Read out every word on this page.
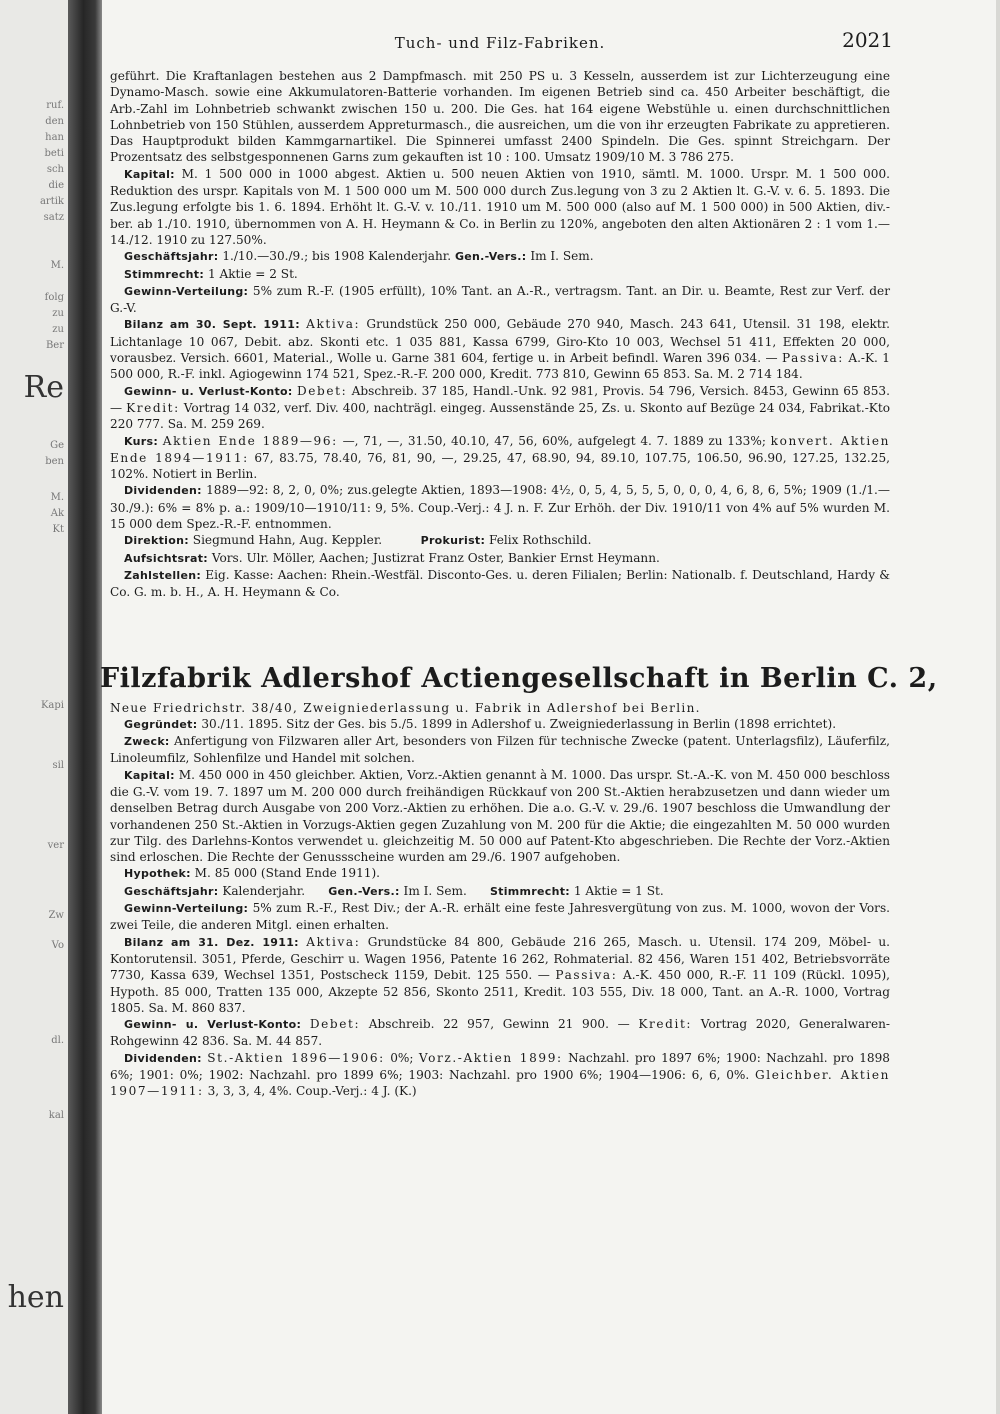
ruf.
den
han
beti
sch
die
artik
satz
M.
folg
zu
zu
Ber
Re
Ge
ben
M.
Ak
Kt
Kapi
sil
ver
Zw
Vo
dl.
kal
hen
Tuch- und Filz-Fabriken.	2021

geführt. Die Kraftanlagen bestehen aus 2 Dampfmasch. mit 250 PS u. 3 Kesseln, ausserdem ist zur Lichterzeugung eine Dynamo-Masch. sowie eine Akkumulatoren-Batterie vorhanden. Im eigenen Betrieb sind ca. 450 Arbeiter beschäftigt, die Arb.-Zahl im Lohnbetrieb schwankt zwischen 150 u. 200. Die Ges. hat 164 eigene Webstühle u. einen durchschnittlichen Lohnbetrieb von 150 Stühlen, ausserdem Appreturmasch., die ausreichen, um die von ihr erzeugten Fabrikate zu appretieren. Das Hauptprodukt bilden Kammgarnartikel. Die Spinnerei umfasst 2400 Spindeln. Die Ges. spinnt Streichgarn. Der Prozentsatz des selbstgesponnenen Garns zum gekauften ist 10 : 100. Umsatz 1909/10 M. 3 786 275.

Kapital: M. 1 500 000 in 1000 abgest. Aktien u. 500 neuen Aktien von 1910, sämtl. M. 1000. Urspr. M. 1 500 000. Reduktion des urspr. Kapitals von M. 1 500 000 um M. 500 000 durch Zus.legung von 3 zu 2 Aktien lt. G.-V. v. 6. 5. 1893. Die Zus.legung erfolgte bis 1. 6. 1894. Erhöht lt. G.-V. v. 10./11. 1910 um M. 500 000 (also auf M. 1 500 000) in 500 Aktien, div.-ber. ab 1./10. 1910, übernommen von A. H. Heymann & Co. in Berlin zu 120%, angeboten den alten Aktionären 2 : 1 vom 1.—14./12. 1910 zu 127.50%.

Geschäftsjahr: 1./10.—30./9.; bis 1908 Kalenderjahr. Gen.-Vers.: Im I. Sem.

Stimmrecht: 1 Aktie = 2 St.

Gewinn-Verteilung: 5% zum R.-F. (1905 erfüllt), 10% Tant. an A.-R., vertragsm. Tant. an Dir. u. Beamte, Rest zur Verf. der G.-V.

Bilanz am 30. Sept. 1911: Aktiva: Grundstück 250 000, Gebäude 270 940, Masch. 243 641, Utensil. 31 198, elektr. Lichtanlage 10 067, Debit. abz. Skonti etc. 1 035 881, Kassa 6799, Giro-Kto 10 003, Wechsel 51 411, Effekten 20 000, vorausbez. Versich. 6601, Material., Wolle u. Garne 381 604, fertige u. in Arbeit befindl. Waren 396 034. — Passiva: A.-K. 1 500 000, R.-F. inkl. Agiogewinn 174 521, Spez.-R.-F. 200 000, Kredit. 773 810, Gewinn 65 853. Sa. M. 2 714 184.

Gewinn- u. Verlust-Konto: Debet: Abschreib. 37 185, Handl.-Unk. 92 981, Provis. 54 796, Versich. 8453, Gewinn 65 853. — Kredit: Vortrag 14 032, verf. Div. 400, nachträgl. eingeg. Aussenstände 25, Zs. u. Skonto auf Bezüge 24 034, Fabrikat.-Kto 220 777. Sa. M. 259 269.

Kurs: Aktien Ende 1889—96: —, 71, —, 31.50, 40.10, 47, 56, 60%, aufgelegt 4. 7. 1889 zu 133%; konvert. Aktien Ende 1894—1911: 67, 83.75, 78.40, 76, 81, 90, —, 29.25, 47, 68.90, 94, 89.10, 107.75, 106.50, 96.90, 127.25, 132.25, 102%. Notiert in Berlin.

Dividenden: 1889—92: 8, 2, 0, 0%; zus.gelegte Aktien, 1893—1908: 4½, 0, 5, 4, 5, 5, 5, 0, 0, 0, 4, 6, 8, 6, 5%; 1909 (1./1.—30./9.): 6% = 8% p. a.: 1909/10—1910/11: 9, 5%. Coup.-Verj.: 4 J. n. F. Zur Erhöh. der Div. 1910/11 von 4% auf 5% wurden M. 15 000 dem Spez.-R.-F. entnommen.

Direktion: Siegmund Hahn, Aug. Keppler.	Prokurist: Felix Rothschild.

Aufsichtsrat: Vors. Ulr. Möller, Aachen; Justizrat Franz Oster, Bankier Ernst Heymann.

Zahlstellen: Eig. Kasse: Aachen: Rhein.-Westfäl. Disconto-Ges. u. deren Filialen; Berlin: Nationalb. f. Deutschland, Hardy & Co. G. m. b. H., A. H. Heymann & Co.

Filzfabrik Adlershof Actiengesellschaft in Berlin C. 2,

Neue Friedrichstr. 38/40, Zweigniederlassung u. Fabrik in Adlershof bei Berlin.

Gegründet: 30./11. 1895. Sitz der Ges. bis 5./5. 1899 in Adlershof u. Zweigniederlassung in Berlin (1898 errichtet).

Zweck: Anfertigung von Filzwaren aller Art, besonders von Filzen für technische Zwecke (patent. Unterlagsfilz), Läuferfilz, Linoleumfilz, Sohlenfilze und Handel mit solchen.

Kapital: M. 450 000 in 450 gleichber. Aktien, Vorz.-Aktien genannt à M. 1000. Das urspr. St.-A.-K. von M. 450 000 beschloss die G.-V. vom 19. 7. 1897 um M. 200 000 durch freihändigen Rückkauf von 200 St.-Aktien herabzusetzen und dann wieder um denselben Betrag durch Ausgabe von 200 Vorz.-Aktien zu erhöhen. Die a.o. G.-V. v. 29./6. 1907 beschloss die Umwandlung der vorhandenen 250 St.-Aktien in Vorzugs-Aktien gegen Zuzahlung von M. 200 für die Aktie; die eingezahlten M. 50 000 wurden zur Tilg. des Darlehns-Kontos verwendet u. gleichzeitig M. 50 000 auf Patent-Kto abgeschrieben. Die Rechte der Vorz.-Aktien sind erloschen. Die Rechte der Genussscheine wurden am 29./6. 1907 aufgehoben.

Hypothek: M. 85 000 (Stand Ende 1911).

Geschäftsjahr: Kalenderjahr. Gen.-Vers.: Im I. Sem. Stimmrecht: 1 Aktie = 1 St.

Gewinn-Verteilung: 5% zum R.-F., Rest Div.; der A.-R. erhält eine feste Jahresvergütung von zus. M. 1000, wovon der Vors. zwei Teile, die anderen Mitgl. einen erhalten.

Bilanz am 31. Dez. 1911: Aktiva: Grundstücke 84 800, Gebäude 216 265, Masch. u. Utensil. 174 209, Möbel- u. Kontorutensil. 3051, Pferde, Geschirr u. Wagen 1956, Patente 16 262, Rohmaterial. 82 456, Waren 151 402, Betriebsvorräte 7730, Kassa 639, Wechsel 1351, Postscheck 1159, Debit. 125 550. — Passiva: A.-K. 450 000, R.-F. 11 109 (Rückl. 1095), Hypoth. 85 000, Tratten 135 000, Akzepte 52 856, Skonto 2511, Kredit. 103 555, Div. 18 000, Tant. an A.-R. 1000, Vortrag 1805. Sa. M. 860 837.

Gewinn- u. Verlust-Konto: Debet: Abschreib. 22 957, Gewinn 21 900. — Kredit: Vortrag 2020, Generalwaren-Rohgewinn 42 836. Sa. M. 44 857.

Dividenden: St.-Aktien 1896—1906: 0%; Vorz.-Aktien 1899: Nachzahl. pro 1897 6%; 1900: Nachzahl. pro 1898 6%; 1901: 0%; 1902: Nachzahl. pro 1899 6%; 1903: Nachzahl. pro 1900 6%; 1904—1906: 6, 6, 0%. Gleichber. Aktien 1907—1911: 3, 3, 3, 4, 4%. Coup.-Verj.: 4 J. (K.)
